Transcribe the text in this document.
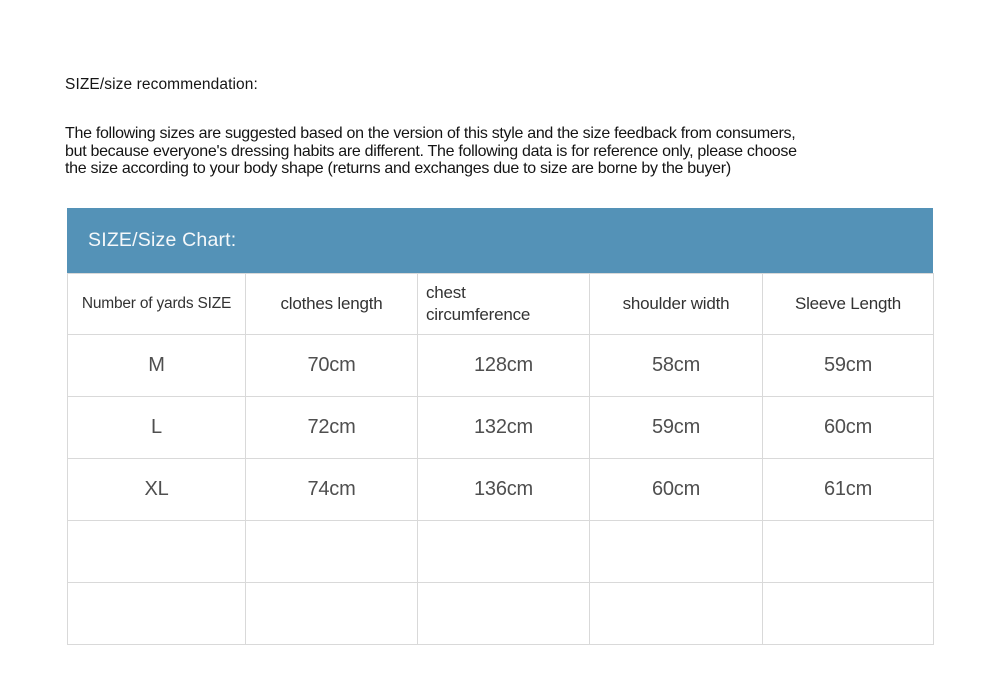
SIZE/size recommendation:
The following sizes are suggested based on the version of this style and the size feedback from consumers,
but because everyone's dressing habits are different. The following data is for reference only, please choose
the size according to your body shape (returns and exchanges due to size are borne by the buyer)
SIZE/Size Chart:
Number of yards SIZE	clothes length	chest circumference	shoulder width	Sleeve Length
M	70cm	128cm	58cm	59cm
L	72cm	132cm	59cm	60cm
XL	74cm	136cm	60cm	61cm
